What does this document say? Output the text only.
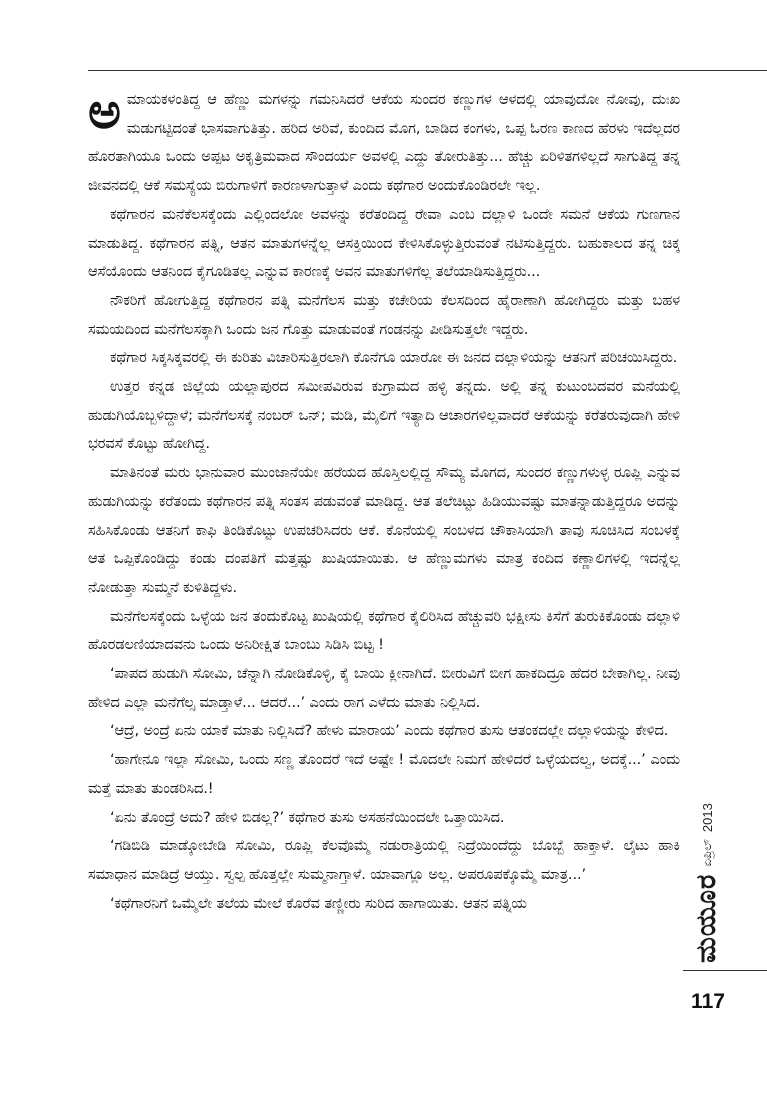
ಅಮಾಯಕಳಂತಿದ್ದ ಆ ಹೆಣ್ಣು ಮಗಳನ್ನು ಗಮನಿಸಿದರೆ ಆಕೆಯ ಸುಂದರ ಕಣ್ಣುಗಳ ಆಳದಲ್ಲಿ ಯಾವುದೋ ನೋವು, ದುಃಖ ಮಡುಗಟ್ಟಿದಂತೆ ಭಾಸವಾಗುತಿತ್ತು. ಹರಿದ ಅರಿವೆ, ಕುಂದಿದ ಮೊಗ, ಬಾಡಿದ ಕಂಗಳು, ಒಪ್ಪ ಓರಣ ಕಾಣದ ಹೆರಳು ಇದೆಲ್ಲದರ ಹೊರತಾಗಿಯೂ ಒಂದು ಅಪ್ಪಟ ಅಕೃತ್ರಿಮವಾದ ಸೌಂದರ್ಯ ಅವಳಲ್ಲಿ ಎದ್ದು ತೋರುತಿತ್ತು... ಹೆಚ್ಚು ಏರಿಳಿತಗಳಿಲ್ಲದೆ ಸಾಗುತಿದ್ದ ತನ್ನ ಜೀವನದಲ್ಲಿ ಆಕೆ ಸಮಸ್ಯೆಯ ಬಿರುಗಾಳಿಗೆ ಕಾರಣಳಾಗುತ್ತಾಳೆ ಎಂದು ಕಥೆಗಾರ ಅಂದುಕೊಂಡಿರಲೇ ಇಲ್ಲ.

ಕಥೆಗಾರನ ಮನೆಕೆಲಸಕ್ಕೆಂದು ಎಲ್ಲಿಂದಲೋ ಅವಳನ್ನು ಕರೆತಂದಿದ್ದ ರೇವಾ ಎಂಬ ದಲ್ಲಾಳಿ ಒಂದೇ ಸಮನೆ ಆಕೆಯ ಗುಣಗಾನ ಮಾಡುತಿದ್ದ. ಕಥೆಗಾರನ ಪತ್ನಿ, ಆತನ ಮಾತುಗಳನ್ನೆಲ್ಲ ಆಸಕ್ತಿಯಿಂದ ಕೇಳಿಸಿಕೊಳ್ಳುತ್ತಿರುವಂತೆ ನಟಿಸುತ್ತಿದ್ದರು. ಬಹುಕಾಲದ ತನ್ನ ಚಿಕ್ಕ ಆಸೆಯೊಂದು ಆತನಿಂದ ಕೈಗೂಡಿತಲ್ಲ ಎನ್ನುವ ಕಾರಣಕ್ಕೆ ಅವನ ಮಾತುಗಳಿಗೆಲ್ಲ ತಲೆಯಾಡಿಸುತ್ತಿದ್ದರು...

ನೌಕರಿಗೆ ಹೋಗುತ್ತಿದ್ದ ಕಥೆಗಾರನ ಪತ್ನಿ ಮನೆಗೆಲಸ ಮತ್ತು ಕಚೇರಿಯ ಕೆಲಸದಿಂದ ಹೈರಾಣಾಗಿ ಹೋಗಿದ್ದರು ಮತ್ತು ಬಹಳ ಸಮಯದಿಂದ ಮನೆಗೆಲಸಕ್ಕಾಗಿ ಒಂದು ಜನ ಗೊತ್ತು ಮಾಡುವಂತೆ ಗಂಡನನ್ನು ಪೀಡಿಸುತ್ತಲೇ ಇದ್ದರು.

ಕಥೆಗಾರ ಸಿಕ್ಕಸಿಕ್ಕವರಲ್ಲಿ ಈ ಕುರಿತು ವಿಚಾರಿಸುತ್ತಿರಲಾಗಿ ಕೊನೆಗೂ ಯಾರೋ ಈ ಜನದ ದಲ್ಲಾಳಿಯನ್ನು ಆತನಿಗೆ ಪರಿಚಯಿಸಿದ್ದರು.

ಉತ್ತರ ಕನ್ನಡ ಜಿಲ್ಲೆಯ ಯಲ್ಲಾಪುರದ ಸಮೀಪವಿರುವ ಕುಗ್ರಾಮದ ಹಳ್ಳಿ ತನ್ನದು. ಅಲ್ಲಿ ತನ್ನ ಕುಟುಂಬದವರ ಮನೆಯಲ್ಲಿ ಹುಡುಗಿಯೊಬ್ಬಳಿದ್ದಾಳೆ; ಮನೆಗೆಲಸಕ್ಕೆ ನಂಬರ್ ಒನ್; ಮಡಿ, ಮೈಲಿಗೆ ಇತ್ಯಾದಿ ಆಚಾರಗಳಿಲ್ಲವಾದರೆ ಆಕೆಯನ್ನು ಕರೆತರುವುದಾಗಿ ಹೇಳಿ ಭರವಸೆ ಕೊಟ್ಟು ಹೋಗಿದ್ದ.

ಮಾತಿನಂತೆ ಮರು ಭಾನುವಾರ ಮುಂಜಾನೆಯೇ ಹರೆಯದ ಹೊಸ್ತಿಲಲ್ಲಿದ್ದ ಸೌಮ್ಯ ಮೊಗದ, ಸುಂದರ ಕಣ್ಣುಗಳುಳ್ಳ ರೂಪ್ಲಿ ಎನ್ನುವ ಹುಡುಗಿಯನ್ನು ಕರೆತಂದು ಕಥೆಗಾರನ ಪತ್ನಿ ಸಂತಸ ಪಡುವಂತೆ ಮಾಡಿದ್ದ. ಆತ ತಲೆಚಿಟ್ಟು ಹಿಡಿಯುವಷ್ಟು ಮಾತನ್ನಾಡುತ್ತಿದ್ದರೂ ಅದನ್ನು ಸಹಿಸಿಕೊಂಡು ಆತನಿಗೆ ಕಾಫಿ ತಿಂಡಿಕೊಟ್ಟು ಉಪಚರಿಸಿದರು ಆಕೆ. ಕೊನೆಯಲ್ಲಿ ಸಂಬಳದ ಚೌಕಾಸಿಯಾಗಿ ತಾವು ಸೂಚಿಸಿದ ಸಂಬಳಕ್ಕೆ ಆತ ಒಪ್ಪಿಕೊಂಡಿದ್ದು ಕಂಡು ದಂಪತಿಗೆ ಮತ್ತಷ್ಟು ಖುಷಿಯಾಯಿತು. ಆ ಹೆಣ್ಣುಮಗಳು ಮಾತ್ರ ಕಂದಿದ ಕಣ್ಣಾಲಿಗಳಲ್ಲಿ ಇದನ್ನೆಲ್ಲ ನೋಡುತ್ತಾ ಸುಮ್ಮನೆ ಕುಳಿತಿದ್ದಳು.

ಮನೆಗೆಲಸಕ್ಕೆಂದು ಒಳ್ಳೆಯ ಜನ ತಂದುಕೊಟ್ಟ ಖುಷಿಯಲ್ಲಿ ಕಥೆಗಾರ ಕೈಲಿರಿಸಿದ ಹೆಚ್ಚುವರಿ ಭಕ್ಷೀಸು ಕಿಸೆಗೆ ತುರುಕಿಕೊಂಡು ದಲ್ಲಾಳಿ ಹೊರಡಲಣಿಯಾದವನು ಒಂದು ಅನಿರೀಕ್ಷಿತ ಬಾಂಬು ಸಿಡಿಸಿ ಬಿಟ್ಟ !

‘ಪಾಪದ ಹುಡುಗಿ ಸೋಮಿ, ಚೆನ್ನಾಗಿ ನೋಡಿಕೊಳ್ಳಿ, ಕೈ ಬಾಯಿ ಕ್ಲೀನಾಗಿದೆ. ಬೀರುವಿಗೆ ಬೀಗ ಹಾಕದಿದ್ರೂ ಹೆದರ ಬೇಕಾಗಿಲ್ಲ. ನೀವು ಹೇಳಿದ ಎಲ್ಲಾ ಮನೆಗೆಲ್ಸ ಮಾಡ್ತಾಳೆ... ಆದರೆ...’ ಎಂದು ರಾಗ ಎಳೆದು ಮಾತು ನಿಲ್ಲಿಸಿದ.

‘ಆದ್ರೆ, ಅಂದ್ರೆ ಏನು ಯಾಕೆ ಮಾತು ನಿಲ್ಲಿಸಿದೆ? ಹೇಳು ಮಾರಾಯ’ ಎಂದು ಕಥೆಗಾರ ತುಸು ಆತಂಕದಲ್ಲೇ ದಲ್ಲಾಳಿಯನ್ನು ಕೇಳಿದ.

‘ಹಾಗೇನೂ ಇಲ್ಲಾ ಸೋಮಿ, ಒಂದು ಸಣ್ಣ ತೊಂದರೆ ಇದೆ ಅಷ್ಟೇ ! ಮೊದಲೇ ನಿಮಗೆ ಹೇಳಿದರೆ ಒಳ್ಳೆಯದಲ್ವ, ಅದಕ್ಕೆ...’ ಎಂದು ಮತ್ತೆ ಮಾತು ತುಂಡರಿಸಿದ.!

‘ಏನು ತೊಂದ್ರೆ ಅದು? ಹೇಳಿ ಬಿಡಲ್ಲ?’ ಕಥೆಗಾರ ತುಸು ಅಸಹನೆಯಿಂದಲೇ ಒತ್ತಾಯಿಸಿದ.

‘ಗಡಿಬಿಡಿ ಮಾಡ್ಕೋಬೇಡಿ ಸೋಮಿ, ರೂಪ್ಲಿ ಕೆಲವೊಮ್ಮೆ ನಡುರಾತ್ರಿಯಲ್ಲಿ ನಿದ್ರೆಯಿಂದೆದ್ದು ಬೊಬ್ಬೆ ಹಾಕ್ತಾಳೆ. ಲೈಟು ಹಾಕಿ ಸಮಾಧಾನ ಮಾಡಿದ್ರೆ ಆಯ್ತು. ಸ್ವಲ್ಪ ಹೊತ್ತಲ್ಲೇ ಸುಮ್ಮನಾಗ್ತಾಳೆ. ಯಾವಾಗ್ಲೂ ಅಲ್ಲ. ಅಪರೂಪಕ್ಕೊಮ್ಮೆ ಮಾತ್ರ...’

‘ಕಥೆಗಾರನಿಗೆ ಒಮ್ಮೆಲೇ ತಲೆಯ ಮೇಲೆ ಕೊರೆವ ತಣ್ಣೀರು ಸುರಿದ ಹಾಗಾಯಿತು. ಆತನ ಪತ್ನಿಯ	ಮಯೂರ
ಏಪ್ರಿಲ್
2013
117
